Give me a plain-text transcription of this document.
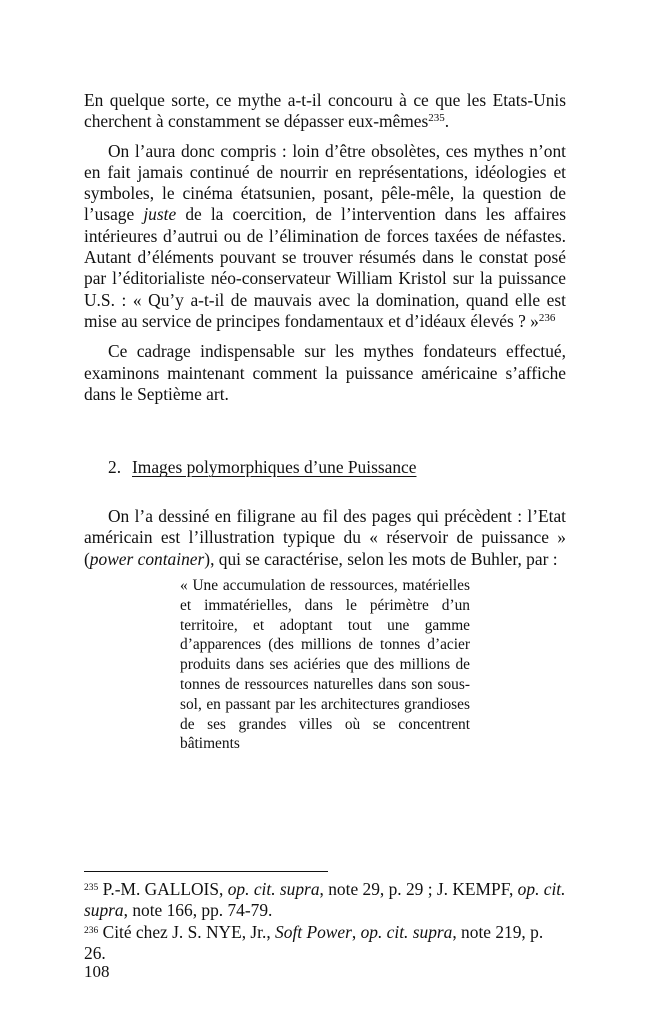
En quelque sorte, ce mythe a-t-il concouru à ce que les Etats-Unis cherchent à constamment se dépasser eux-mêmes$^{235}$.

On l’aura donc compris : loin d’être obsolètes, ces mythes n’ont en fait jamais continué de nourrir en représentations, idéologies et symboles, le cinéma étatsunien, posant, pêle-mêle, la question de l’usage juste de la coercition, de l’intervention dans les affaires intérieures d’autrui ou de l’élimination de forces taxées de néfastes. Autant d’éléments pouvant se trouver résumés dans le constat posé par l’éditorialiste néo-conservateur William Kristol sur la puissance U.S. : « Qu’y a-t-il de mauvais avec la domination, quand elle est mise au service de principes fondamentaux et d’idéaux élevés ? »$^{236}$

Ce cadrage indispensable sur les mythes fondateurs effectué, examinons maintenant comment la puissance américaine s’affiche dans le Septième art.

2. Images polymorphiques d’une Puissance

On l’a dessiné en filigrane au fil des pages qui précèdent : l’Etat américain est l’illustration typique du « réservoir de puissance » (power container), qui se caractérise, selon les mots de Buhler, par :

« Une accumulation de ressources, matérielles et immatérielles, dans le périmètre d’un territoire, et adoptant tout une gamme d’apparences (des millions de tonnes d’acier produits dans ses aciéries que des millions de tonnes de ressources naturelles dans son sous-sol, en passant par les architectures grandioses de ses grandes villes où se concentrent bâtiments

$^{235}$ P.-M. GALLOIS, op. cit. supra, note 29, p. 29 ; J. KEMPF, op. cit. supra, note 166, pp. 74-79.

$^{236}$ Cité chez J. S. NYE, Jr., Soft Power, op. cit. supra, note 219, p. 26.

108
